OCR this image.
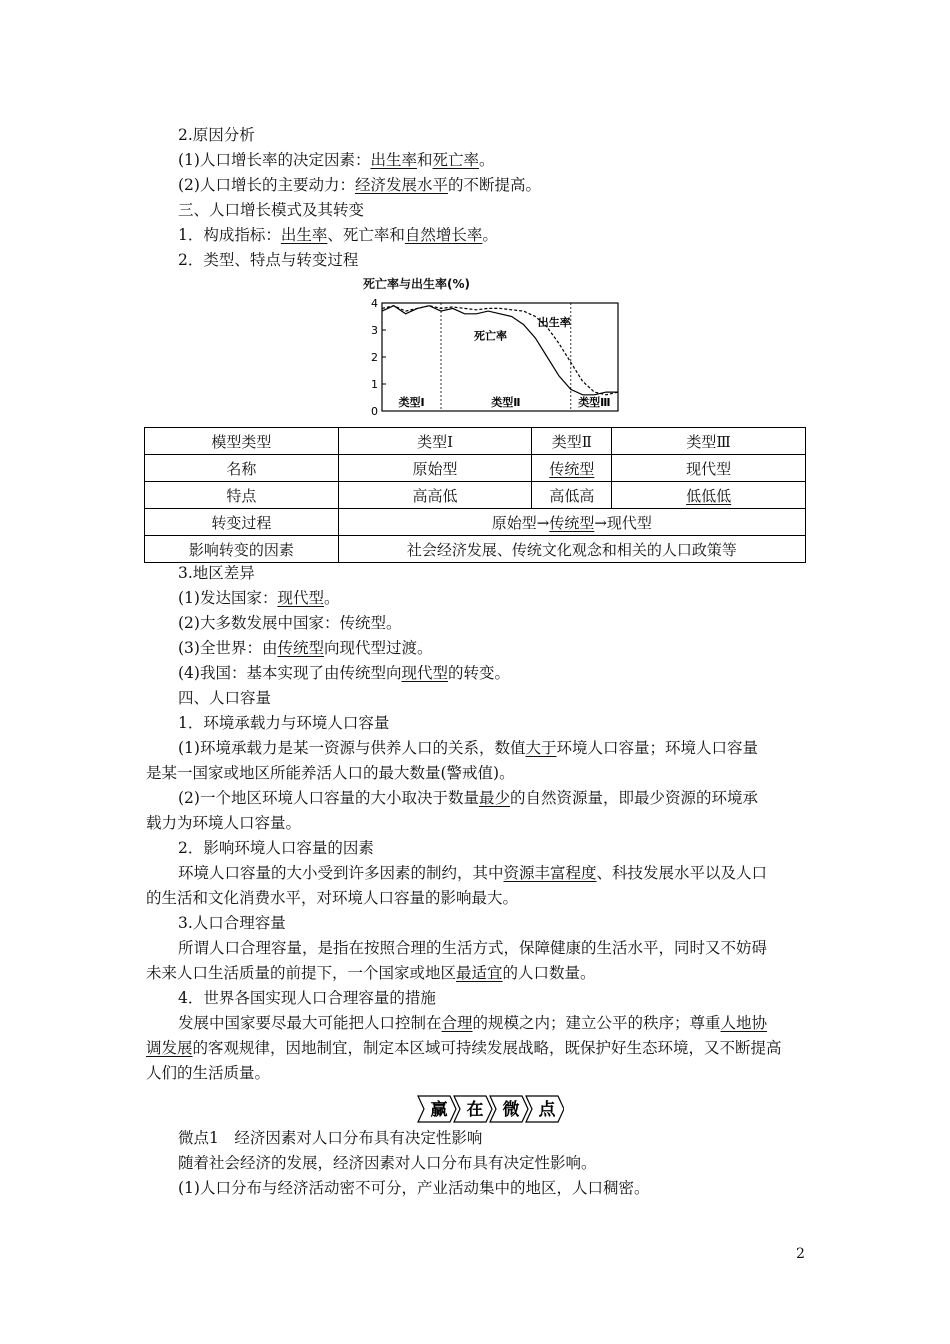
2.原因分析
(1)人口增长率的决定因素：出生率和死亡率。
(2)人口增长的主要动力：经济发展水平的不断提高。
三、人口增长模式及其转变
1．构成指标：出生率、死亡率和自然增长率。
2．类型、特点与转变过程
死亡率与出生率(%)
0
1
2
3
4
类型Ⅰ	类型Ⅱ	类型Ⅲ
出生率
死亡率
模型类型	类型Ⅰ	类型Ⅱ	类型Ⅲ
名称	原始型	传统型	现代型
特点	高高低	高低高	低低低
转变过程	原始型→传统型→现代型		
影响转变的因素	社会经济发展、传统文化观念和相关的人口政策等		
3.地区差异
(1)发达国家：现代型。
(2)大多数发展中国家：传统型。
(3)全世界：由传统型向现代型过渡。
(4)我国：基本实现了由传统型向现代型的转变。
四、人口容量
1．环境承载力与环境人口容量
(1)环境承载力是某一资源与供养人口的关系，数值大于环境人口容量；环境人口容量
是某一国家或地区所能养活人口的最大数量(警戒值)。
(2)一个地区环境人口容量的大小取决于数量最少的自然资源量，即最少资源的环境承
载力为环境人口容量。
2．影响环境人口容量的因素
环境人口容量的大小受到许多因素的制约，其中资源丰富程度、科技发展水平以及人口
的生活和文化消费水平，对环境人口容量的影响最大。
3.人口合理容量
所谓人口合理容量，是指在按照合理的生活方式，保障健康的生活水平，同时又不妨碍
未来人口生活质量的前提下，一个国家或地区最适宜的人口数量。
4．世界各国实现人口合理容量的措施
发展中国家要尽最大可能把人口控制在合理的规模之内；建立公平的秩序；尊重人地协
调发展的客观规律，因地制宜，制定本区域可持续发展战略，既保护好生态环境，又不断提高
人们的生活质量。
赢 在 微 点
微点1　经济因素对人口分布具有决定性影响
随着社会经济的发展，经济因素对人口分布具有决定性影响。
(1)人口分布与经济活动密不可分，产业活动集中的地区，人口稠密。
2
